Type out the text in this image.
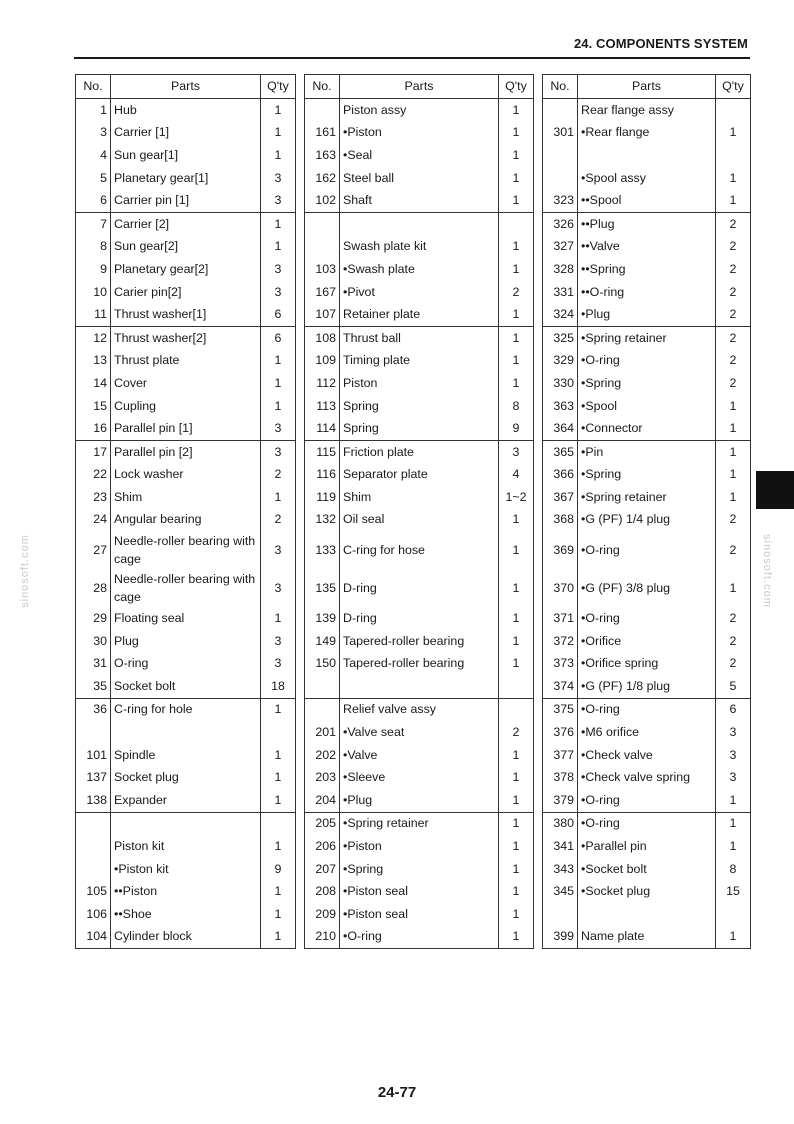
24. COMPONENTS SYSTEM
sinosoft.com	sinosoft.com
No.	Parts	Q'ty		No.	Parts	Q'ty		No.	Parts	Q'ty
1	Hub	1			Piston assy	1			Rear flange assy	
3	Carrier [1]	1		161	•Piston	1		301	•Rear flange	1
4	Sun gear[1]	1		163	•Seal	1				
5	Planetary gear[1]	3		162	Steel ball	1			•Spool assy	1
6	Carrier pin [1]	3		102	Shaft	1		323	••Spool	1
7	Carrier [2]	1						326	••Plug	2
8	Sun gear[2]	1			Swash plate kit	1		327	••Valve	2
9	Planetary gear[2]	3		103	•Swash plate	1		328	••Spring	2
10	Carier pin[2]	3		167	•Pivot	2		331	••O-ring	2
11	Thrust washer[1]	6		107	Retainer plate	1		324	•Plug	2
12	Thrust washer[2]	6		108	Thrust ball	1		325	•Spring retainer	2
13	Thrust plate	1		109	Timing plate	1		329	•O-ring	2
14	Cover	1		112	Piston	1		330	•Spring	2
15	Cupling	1		113	Spring	8		363	•Spool	1
16	Parallel pin [1]	3		114	Spring	9		364	•Connector	1
17	Parallel pin [2]	3		115	Friction plate	3		365	•Pin	1
22	Lock washer	2		116	Separator plate	4		366	•Spring	1
23	Shim	1		119	Shim	1~2		367	•Spring retainer	1
24	Angular bearing	2		132	Oil seal	1		368	•G (PF) 1/4 plug	2
27	Needle-roller bearing with cage	3		133	C-ring for hose	1		369	•O-ring	2
28	Needle-roller bearing with cage	3		135	D-ring	1		370	•G (PF) 3/8 plug	1
29	Floating seal	1		139	D-ring	1		371	•O-ring	2
30	Plug	3		149	Tapered-roller bearing	1		372	•Orifice	2
31	O-ring	3		150	Tapered-roller bearing	1		373	•Orifice spring	2
35	Socket bolt	18						374	•G (PF) 1/8 plug	5
36	C-ring for hole	1			Relief valve assy			375	•O-ring	6
				201	•Valve seat	2		376	•M6 orifice	3
101	Spindle	1		202	•Valve	1		377	•Check valve	3
137	Socket plug	1		203	•Sleeve	1		378	•Check valve spring	3
138	Expander	1		204	•Plug	1		379	•O-ring	1
				205	•Spring retainer	1		380	•O-ring	1
	Piston kit	1		206	•Piston	1		341	•Parallel pin	1
	•Piston kit	9		207	•Spring	1		343	•Socket bolt	8
105	••Piston	1		208	•Piston seal	1		345	•Socket plug	15
106	••Shoe	1		209	•Piston seal	1				
104	Cylinder block	1		210	•O-ring	1		399	Name plate	1
24-77
